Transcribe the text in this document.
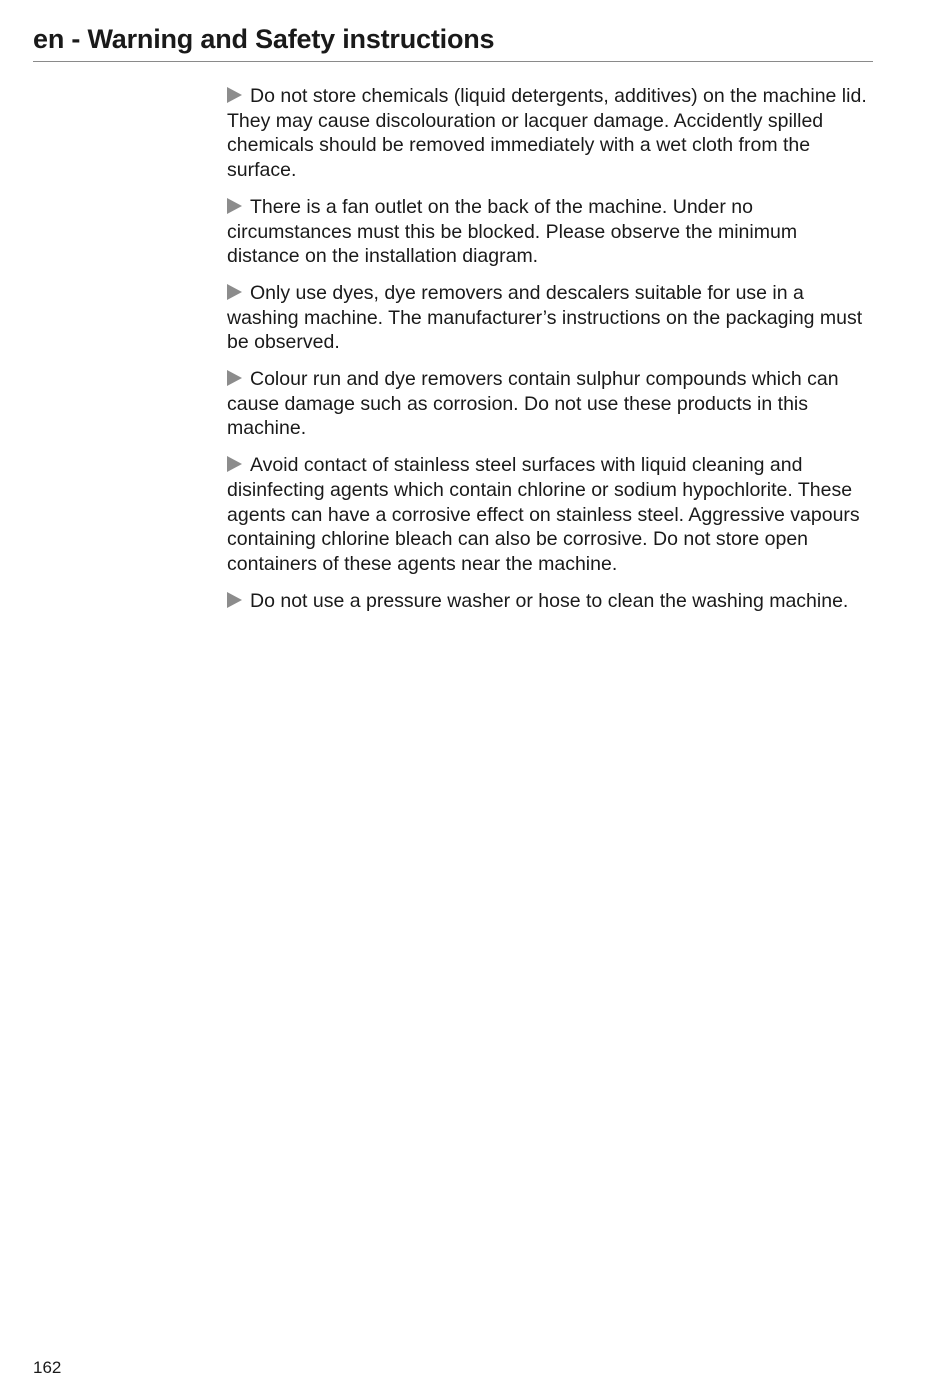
en - Warning and Safety instructions

Do not store chemicals (liquid detergents, additives) on the machine lid. They may cause discolouration or lacquer damage. Accidently spilled chemicals should be removed immediately with a wet cloth from the surface.

There is a fan outlet on the back of the machine. Under no circumstances must this be blocked. Please observe the minimum distance on the installation diagram.

Only use dyes, dye removers and descalers suitable for use in a washing machine. The manufacturer’s instructions on the packaging must be observed.

Colour run and dye removers contain sulphur compounds which can cause damage such as corrosion. Do not use these products in this machine.

Avoid contact of stainless steel surfaces with liquid cleaning and disinfecting agents which contain chlorine or sodium hypochlorite. These agents can have a corrosive effect on stainless steel. Aggressive vapours containing chlorine bleach can also be corrosive. Do not store open containers of these agents near the machine.

Do not use a pressure washer or hose to clean the washing machine.

162
